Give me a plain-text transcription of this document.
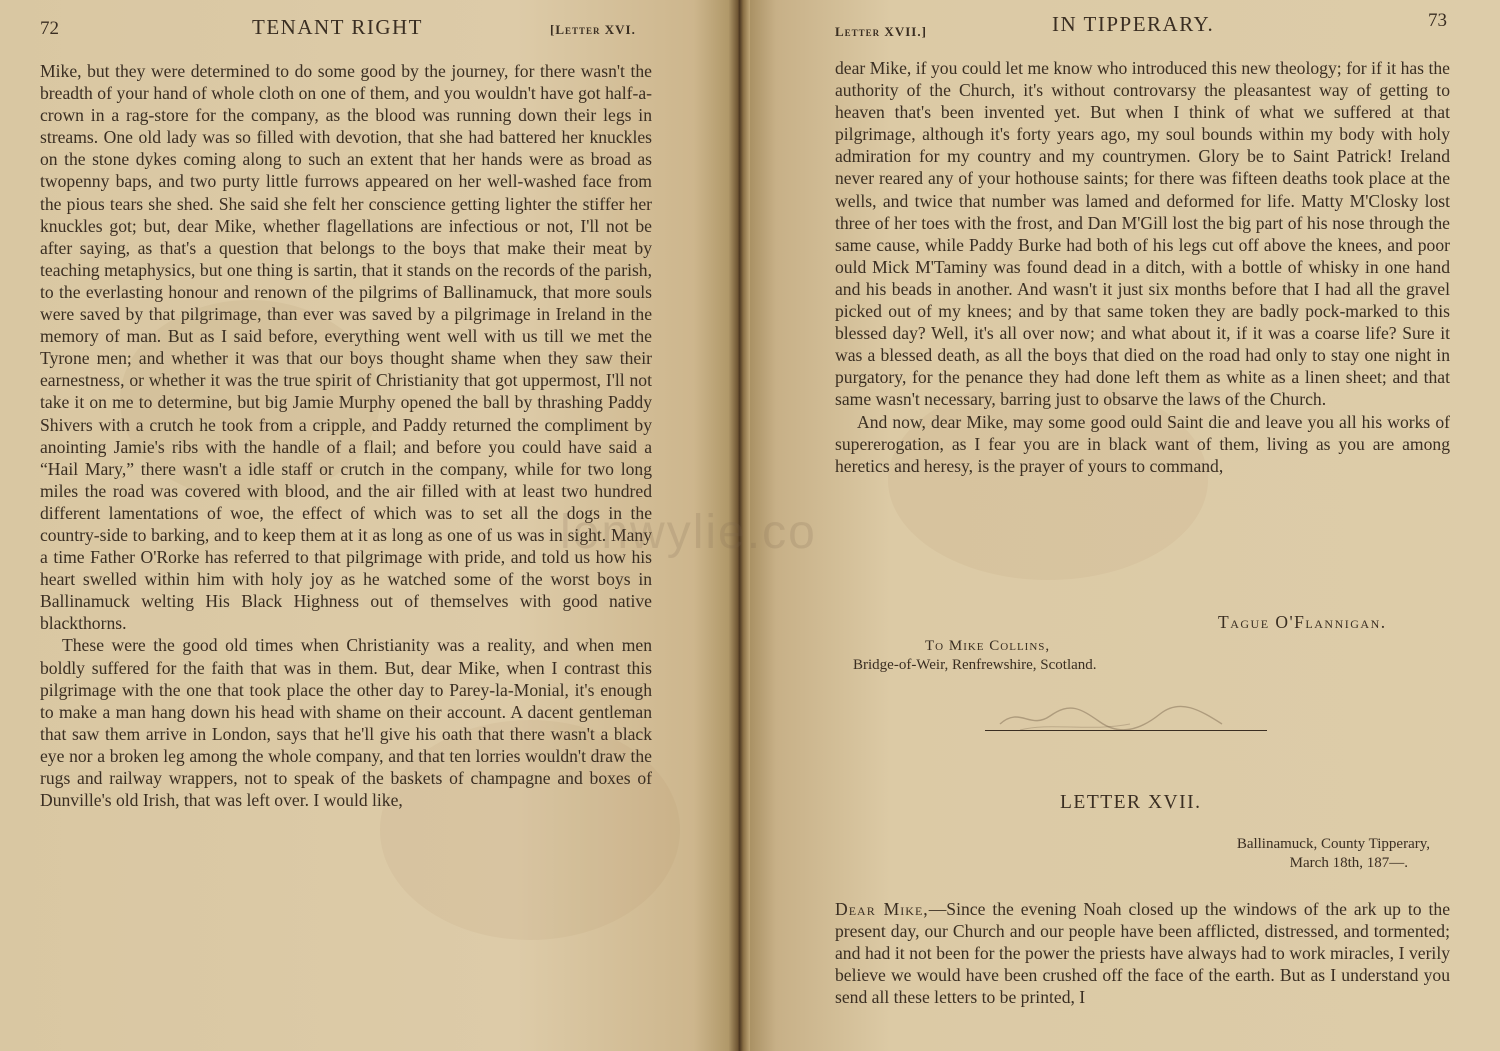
72	TENANT RIGHT	[Letter XVI.

Mike, but they were determined to do some good by the journey, for there wasn't the breadth of your hand of whole cloth on one of them, and you wouldn't have got half-a-crown in a rag-store for the company, as the blood was running down their legs in streams. One old lady was so filled with devotion, that she had battered her knuckles on the stone dykes coming along to such an extent that her hands were as broad as twopenny baps, and two purty little furrows appeared on her well-washed face from the pious tears she shed. She said she felt her conscience getting lighter the stiffer her knuckles got; but, dear Mike, whether flagellations are infectious or not, I'll not be after saying, as that's a question that belongs to the boys that make their meat by teaching metaphysics, but one thing is sartin, that it stands on the records of the parish, to the everlasting honour and renown of the pilgrims of Ballinamuck, that more souls were saved by that pilgrimage, than ever was saved by a pilgrimage in Ireland in the memory of man. But as I said before, everything went well with us till we met the Tyrone men; and whether it was that our boys thought shame when they saw their earnestness, or whether it was the true spirit of Christianity that got uppermost, I'll not take it on me to determine, but big Jamie Murphy opened the ball by thrashing Paddy Shivers with a crutch he took from a cripple, and Paddy returned the compliment by anointing Jamie's ribs with the handle of a flail; and before you could have said a “Hail Mary,” there wasn't a idle staff or crutch in the company, while for two long miles the road was covered with blood, and the air filled with at least two hundred different lamentations of woe, the effect of which was to set all the dogs in the country-side to barking, and to keep them at it as long as one of us was in sight. Many a time Father O'Rorke has referred to that pilgrimage with pride, and told us how his heart swelled within him with holy joy as he watched some of the worst boys in Ballinamuck welting His Black Highness out of themselves with good native blackthorns.

These were the good old times when Christianity was a reality, and when men boldly suffered for the faith that was in them. But, dear Mike, when I contrast this pilgrimage with the one that took place the other day to Parey-la-Monial, it's enough to make a man hang down his head with shame on their account. A dacent gentleman that saw them arrive in London, says that he'll give his oath that there wasn't a black eye nor a broken leg among the whole company, and that ten lorries wouldn't draw the rugs and railway wrappers, not to speak of the baskets of champagne and boxes of Dunville's old Irish, that was left over. I would like,

Letter XVII.]	IN TIPPERARY.	73

dear Mike, if you could let me know who introduced this new theology; for if it has the authority of the Church, it's without controvarsy the pleasantest way of getting to heaven that's been invented yet. But when I think of what we suffered at that pilgrimage, although it's forty years ago, my soul bounds within my body with holy admiration for my country and my countrymen. Glory be to Saint Patrick! Ireland never reared any of your hothouse saints; for there was fifteen deaths took place at the wells, and twice that number was lamed and deformed for life. Matty M'Closky lost three of her toes with the frost, and Dan M'Gill lost the big part of his nose through the same cause, while Paddy Burke had both of his legs cut off above the knees, and poor ould Mick M'Taminy was found dead in a ditch, with a bottle of whisky in one hand and his beads in another. And wasn't it just six months before that I had all the gravel picked out of my knees; and by that same token they are badly pock-marked to this blessed day? Well, it's all over now; and what about it, if it was a coarse life? Sure it was a blessed death, as all the boys that died on the road had only to stay one night in purgatory, for the penance they had done left them as white as a linen sheet; and that same wasn't necessary, barring just to obsarve the laws of the Church.

And now, dear Mike, may some good ould Saint die and leave you all his works of supererogation, as I fear you are in black want of them, living as you are among heretics and heresy, is the prayer of yours to command,

Tague O'Flannigan.
To Mike Collins,
Bridge-of-Weir, Renfrewshire, Scotland.
LETTER XVII.
Ballinamuck, County Tipperary,
March 18th, 187—.

Dear Mike,—Since the evening Noah closed up the windows of the ark up to the present day, our Church and our people have been afflicted, distressed, and tormented; and had it not been for the power the priests have always had to work miracles, I verily believe we would have been crushed off the face of the earth. But as I understand you send all these letters to be printed, I

lonwylie.co
